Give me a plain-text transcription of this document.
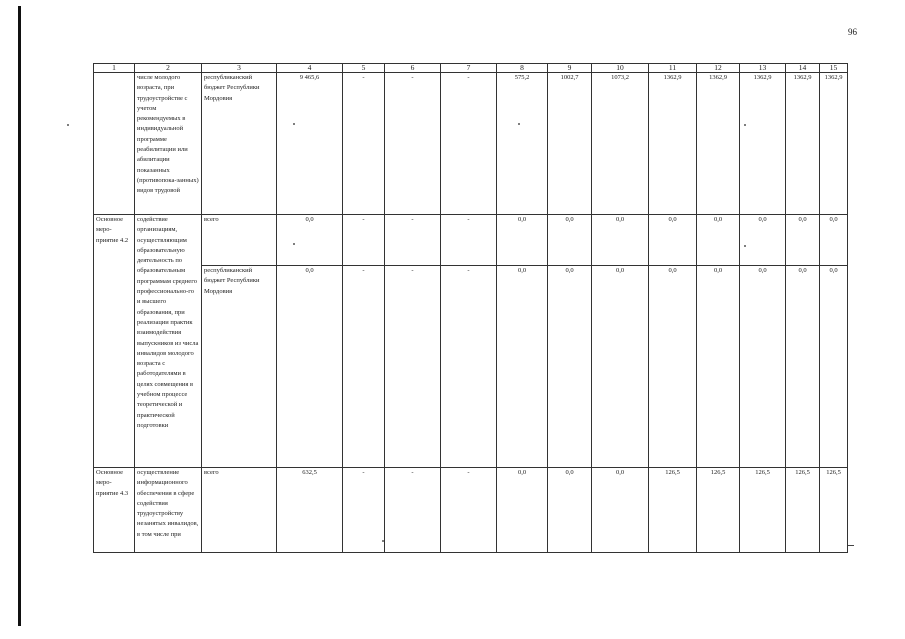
96
1	2	3	4	5	6	7	8	9	10	11	12	13	14	15
	числе молодого возраста, при трудоустройстве с учетом рекомендуемых в индивидуальной программе реабилитации или абилитации показанных (противопока-занных) видов трудовой	республиканский бюджет Республики Мордовия	9 465,6	-	-	-	575,2	1002,7	1073,2	1362,9	1362,9	1362,9	1362,9	1362,9
Основное меро-приятие 4.2	содействие организациям, осуществляющим образовательную деятельность по образовательным программам среднего профессионально-го и высшего образования, при реализации практик взаимодействия выпускников из числа инвалидов молодого возраста с работодателями в целях совмещения в учебном процессе теоретической и практической подготовки	всего	0,0	-	-	-	0,0	0,0	0,0	0,0	0,0	0,0	0,0	0,0
		республиканский бюджет Республики Мордовия	0,0	-	-	-	0,0	0,0	0,0	0,0	0,0	0,0	0,0	0,0
Основное меро-приятие 4.3	осуществление информационного обеспечения в сфере содействия трудоустройству незанятых инвалидов, в том числе при	всего	632,5	-	-	-	0,0	0,0	0,0	126,5	126,5	126,5	126,5	126,5
